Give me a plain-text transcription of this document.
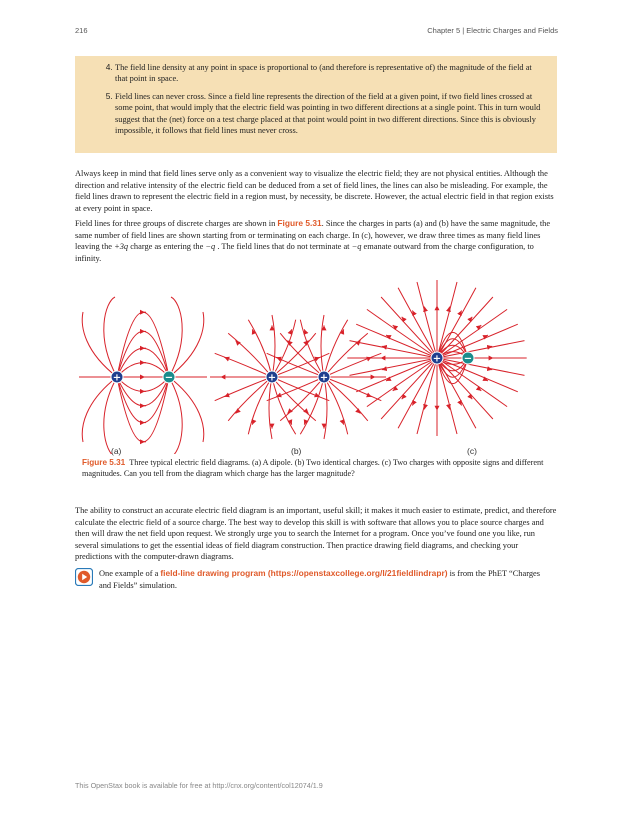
216	Chapter 5 | Electric Charges and Fields
4. The field line density at any point in space is proportional to (and therefore is representative of) the magnitude of the field at that point in space.
5. Field lines can never cross. Since a field line represents the direction of the field at a given point, if two field lines crossed at some point, that would imply that the electric field was pointing in two different directions at a single point. This in turn would suggest that the (net) force on a test charge placed at that point would point in two different directions. Since this is obviously impossible, it follows that field lines must never cross.

Always keep in mind that field lines serve only as a convenient way to visualize the electric field; they are not physical entities. Although the direction and relative intensity of the electric field can be deduced from a set of field lines, the lines can also be misleading. For example, the field lines drawn to represent the electric field in a region must, by necessity, be discrete. However, the actual electric field in that region exists at every point in space.

Field lines for three groups of discrete charges are shown in Figure 5.31. Since the charges in parts (a) and (b) have the same magnitude, the same number of field lines are shown starting from or terminating on each charge. In (c), however, we draw three times as many field lines leaving the +3q charge as entering the −q . The field lines that do not terminate at −q emanate outward from the charge configuration, to infinity.

+	−	+	+
+ −
(a)	(b)	(c)
Figure 5.31 Three typical electric field diagrams. (a) A dipole. (b) Two identical charges. (c) Two charges with opposite signs and different magnitudes. Can you tell from the diagram which charge has the larger magnitude?

The ability to construct an accurate electric field diagram is an important, useful skill; it makes it much easier to estimate, predict, and therefore calculate the electric field of a source charge. The best way to develop this skill is with software that allows you to place source charges and then will draw the net field upon request. We strongly urge you to search the Internet for a program. Once you’ve found one you like, run several simulations to get the essential ideas of field diagram construction. Then practice drawing field diagrams, and checking your predictions with the computer-drawn diagrams.

One example of a field-line drawing program (https://openstaxcollege.org/l/21fieldlindrapr) is from the PhET “Charges and Fields” simulation.
This OpenStax book is available for free at http://cnx.org/content/col12074/1.9
